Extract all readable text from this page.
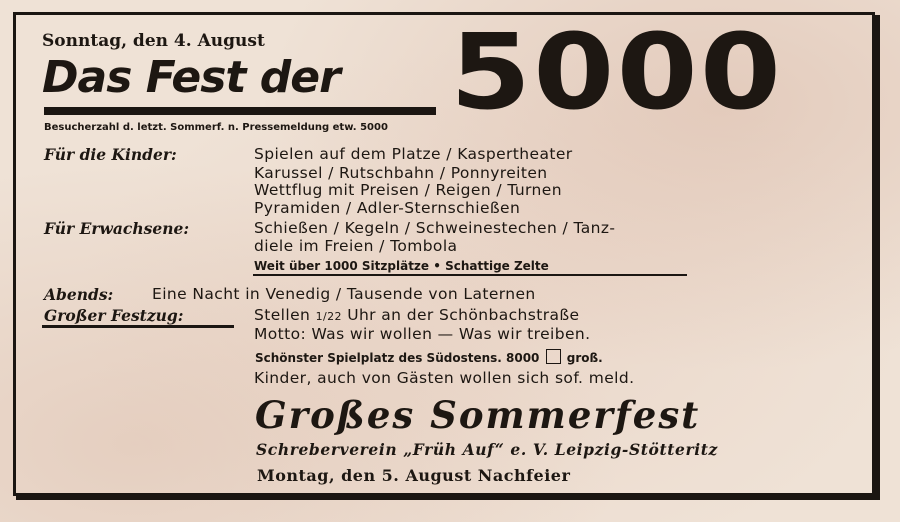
Sonntag, den 4. August
Das Fest der 5000
Besucherzahl d. letzt. Sommerf. n. Pressemeldung etw. 5000
Für die Kinder:	Spielen auf dem Platze / Kaspertheater
Karussel / Rutschbahn / Ponnyreiten
Wettflug mit Preisen / Reigen / Turnen
Pyramiden / Adler-Sternschießen
Für Erwachsene:	Schießen / Kegeln / Schweinestechen / Tanz-
diele im Freien / Tombola
Weit über 1000 Sitzplätze • Schattige Zelte
Abends: Eine Nacht in Venedig / Tausende von Laternen
Großer Festzug:	Stellen 1/22 Uhr an der Schönbachstraße
Motto: Was wir wollen — Was wir treiben.
Schönster Spielplatz des Südostens. 8000 groß.
Kinder, auch von Gästen wollen sich sof. meld.
Großes Sommerfest
Schreberverein „Früh Auf“ e. V. Leipzig-Stötteritz
Montag, den 5. August Nachfeier
